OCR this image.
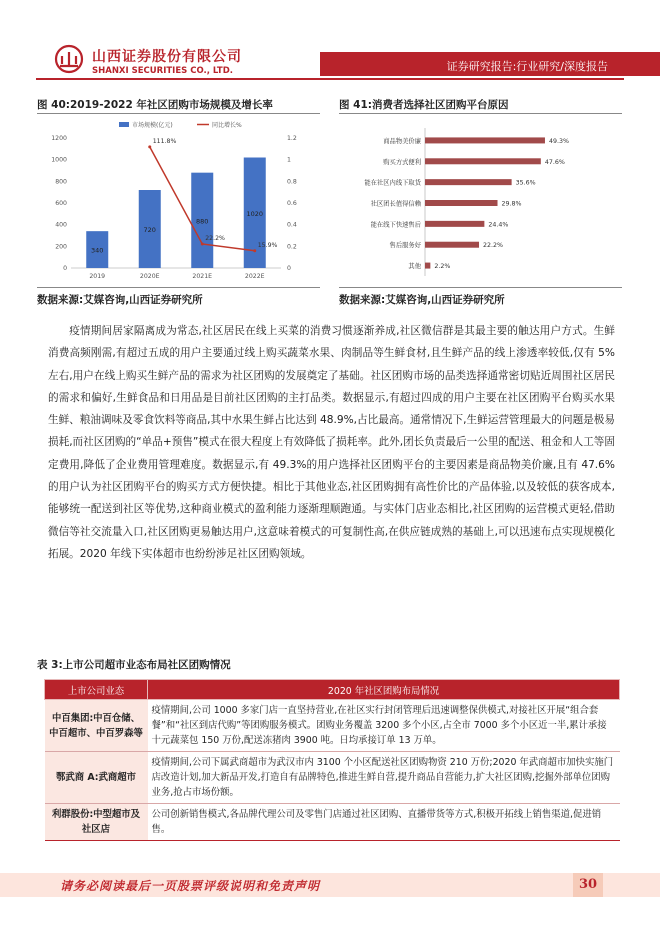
山西证券股份有限公司
SHANXI SECURITIES CO., LTD.	证券研究报告:行业研究/深度报告
图 40:2019-2022 年社区团购市场规模及增长率	图 41:消费者选择社区团购平台原因
市场规模(亿元)	同比增长%
0
200
400
600
800
1000
1200
0
0.2
0.4
0.6
0.8
1
1.2
340
2019
720
2020E
880
2021E
1020
2022E
111.8%
22.2%
15.9%
商品物美价廉	49.3%
购买方式便利	47.6%
能在社区内线下取货	35.6%
社区团长值得信赖	29.8%
能在线下快速售后	24.4%
售后服务好	22.2%
其他 2.2%
数据来源:艾媒咨询,山西证券研究所	数据来源:艾媒咨询,山西证券研究所

疫情期间居家隔离成为常态,社区居民在线上买菜的消费习惯逐渐养成,社区微信群是其最主要的触达用户方式。生鲜消费高频刚需,有超过五成的用户主要通过线上购买蔬菜水果、肉制品等生鲜食材,且生鲜产品的线上渗透率较低,仅有 5%左右,用户在线上购买生鲜产品的需求为社区团购的发展奠定了基础。社区团购市场的品类选择通常密切贴近周围社区居民的需求和偏好,生鲜食品和日用品是目前社区团购的主打品类。数据显示,有超过四成的用户主要在社区团购平台购买水果生鲜、粮油调味及零食饮料等商品,其中水果生鲜占比达到 48.9%,占比最高。通常情况下,生鲜运营管理最大的问题是极易损耗,而社区团购的“单品+预售”模式在很大程度上有效降低了损耗率。此外,团长负责最后一公里的配送、租金和人工等固定费用,降低了企业费用管理难度。数据显示,有 49.3%的用户选择社区团购平台的主要因素是商品物美价廉,且有 47.6%的用户认为社区团购平台的购买方式方便快捷。相比于其他业态,社区团购拥有高性价比的产品体验,以及较低的获客成本,能够统一配送到社区等优势,这种商业模式的盈利能力逐渐理顺跑通。与实体门店业态相比,社区团购的运营模式更轻,借助微信等社交流量入口,社区团购更易触达用户,这意味着模式的可复制性高,在供应链成熟的基础上,可以迅速布点实现规模化拓展。2020 年线下实体超市也纷纷涉足社区团购领域。

表 3:上市公司超市业态布局社区团购情况
上市公司业态	2020 年社区团购布局情况
中百集团:中百仓储、中百超市、中百罗森等	疫情期间,公司 1000 多家门店一直坚持营业,在社区实行封闭管理后迅速调整保供模式,对接社区开展“组合套餐”和“社区到店代购”等团购服务模式。团购业务覆盖 3200 多个小区,占全市 7000 多个小区近一半,累计承接十元蔬菜包 150 万份,配送冻猪肉 3900 吨。日均承接订单 13 万单。
鄂武商 A:武商超市	疫情期间,公司下属武商超市为武汉市内 3100 个小区配送社区团购物资 210 万份;2020 年武商超市加快实施门店改造计划,加大新品开发,打造自有品牌特色,推进生鲜自营,提升商品自营能力,扩大社区团购,挖掘外部单位团购业务,抢占市场份额。
利群股份:中型超市及社区店	公司创新销售模式,各品牌代理公司及零售门店通过社区团购、直播带货等方式,积极开拓线上销售渠道,促进销售。
请务必阅读最后一页股票评级说明和免责声明	30
